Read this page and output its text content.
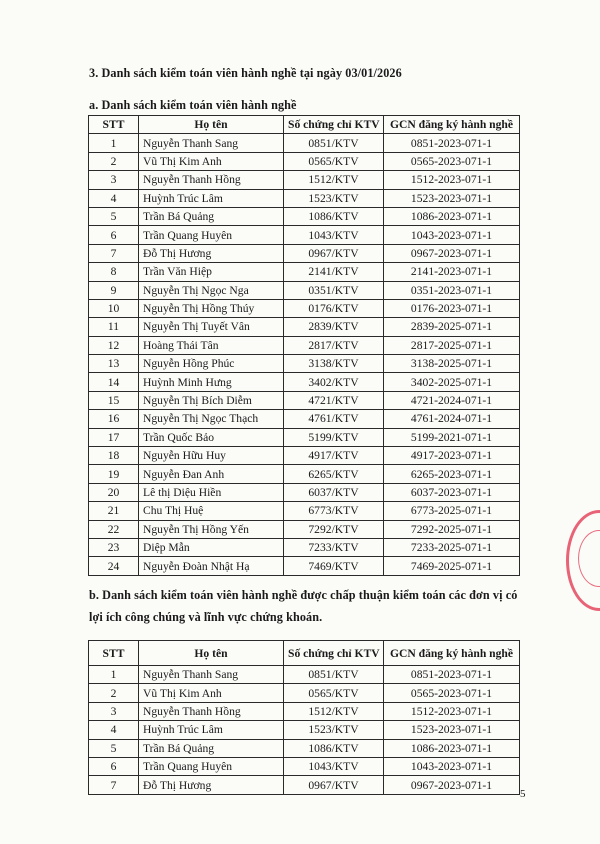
3. Danh sách kiểm toán viên hành nghề tại ngày 03/01/2026
a. Danh sách kiểm toán viên hành nghề
STT	Họ tên	Số chứng chỉ KTV	GCN đăng ký hành nghề
1	Nguyễn Thanh Sang	0851/KTV	0851-2023-071-1
2	Vũ Thị Kim Anh	0565/KTV	0565-2023-071-1
3	Nguyễn Thanh Hồng	1512/KTV	1512-2023-071-1
4	Huỳnh Trúc Lâm	1523/KTV	1523-2023-071-1
5	Trần Bá Quảng	1086/KTV	1086-2023-071-1
6	Trần Quang Huyên	1043/KTV	1043-2023-071-1
7	Đỗ Thị Hương	0967/KTV	0967-2023-071-1
8	Trần Văn Hiệp	2141/KTV	2141-2023-071-1
9	Nguyễn Thị Ngọc Nga	0351/KTV	0351-2023-071-1
10	Nguyễn Thị Hồng Thúy	0176/KTV	0176-2023-071-1
11	Nguyễn Thị Tuyết Vân	2839/KTV	2839-2025-071-1
12	Hoàng Thái Tân	2817/KTV	2817-2025-071-1
13	Nguyễn Hồng Phúc	3138/KTV	3138-2025-071-1
14	Huỳnh Minh Hưng	3402/KTV	3402-2025-071-1
15	Nguyễn Thị Bích Diễm	4721/KTV	4721-2024-071-1
16	Nguyễn Thị Ngọc Thạch	4761/KTV	4761-2024-071-1
17	Trần Quốc Bảo	5199/KTV	5199-2021-071-1
18	Nguyễn Hữu Huy	4917/KTV	4917-2023-071-1
19	Nguyễn Đan Anh	6265/KTV	6265-2023-071-1
20	Lê thị Diệu Hiền	6037/KTV	6037-2023-071-1
21	Chu Thị Huệ	6773/KTV	6773-2025-071-1
22	Nguyễn Thị Hồng Yến	7292/KTV	7292-2025-071-1
23	Diệp Mẫn	7233/KTV	7233-2025-071-1
24	Nguyễn Đoàn Nhật Hạ	7469/KTV	7469-2025-071-1
b. Danh sách kiểm toán viên hành nghề được chấp thuận kiểm toán các đơn vị có lợi ích công chúng và lĩnh vực chứng khoán.
STT	Họ tên	Số chứng chỉ KTV	GCN đăng ký hành nghề
1	Nguyễn Thanh Sang	0851/KTV	0851-2023-071-1
2	Vũ Thị Kim Anh	0565/KTV	0565-2023-071-1
3	Nguyễn Thanh Hồng	1512/KTV	1512-2023-071-1
4	Huỳnh Trúc Lâm	1523/KTV	1523-2023-071-1
5	Trần Bá Quảng	1086/KTV	1086-2023-071-1
6	Trần Quang Huyên	1043/KTV	1043-2023-071-1
7	Đỗ Thị Hương	0967/KTV	0967-2023-071-1
5
